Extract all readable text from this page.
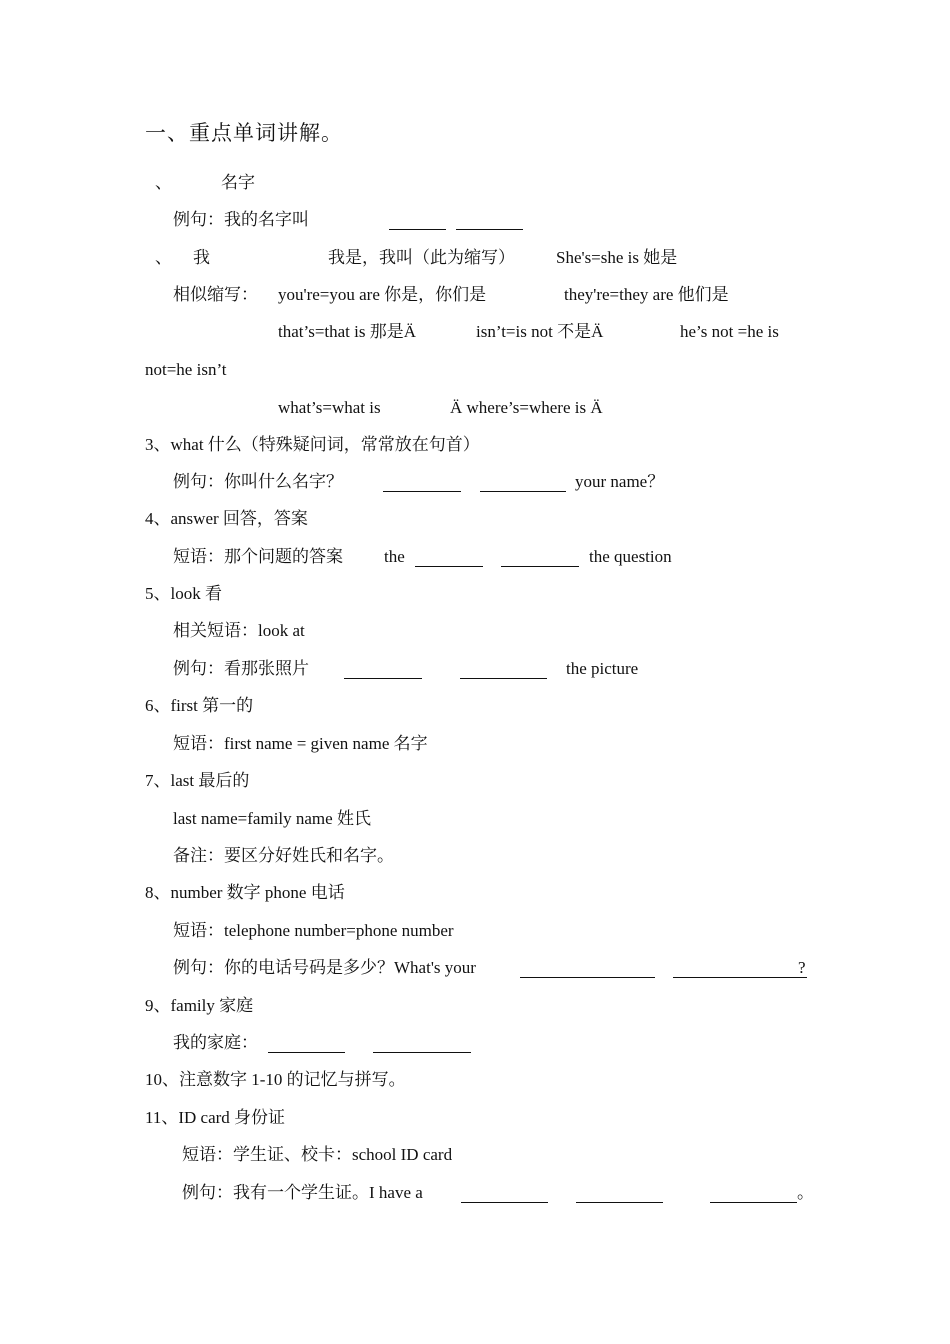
一、重点单词讲解。
、	名字
例句：我的名字叫
、 我	我是，我叫（此为缩写） She's=she is 她是
相似缩写： you're=you are 你是，你们是	they're=they are 他们是
that’s=that is 那是Ä	isn’t=is not 不是Ä	he’s not =he is
not=he isn’t
what’s=what is	Ä where’s=where is Ä
3、what 什么（特殊疑问词，常常放在句首）
例句：你叫什么名字？	your name？
4、answer 回答，答案
短语：那个问题的答案 the	the question
5、look 看
相关短语：look at
例句：看那张照片	the picture
6、first 第一的
短语：first name = given name 名字
7、last 最后的
last name=family name 姓氏
备注：要区分好姓氏和名字。
8、number 数字 phone 电话
短语：telephone number=phone number
例句：你的电话号码是多少？What's your	?
9、family 家庭
我的家庭：
10、注意数字 1-10 的记忆与拼写。
11、ID card 身份证
短语：学生证、校卡：school ID card
例句：我有一个学生证。I have a	。
